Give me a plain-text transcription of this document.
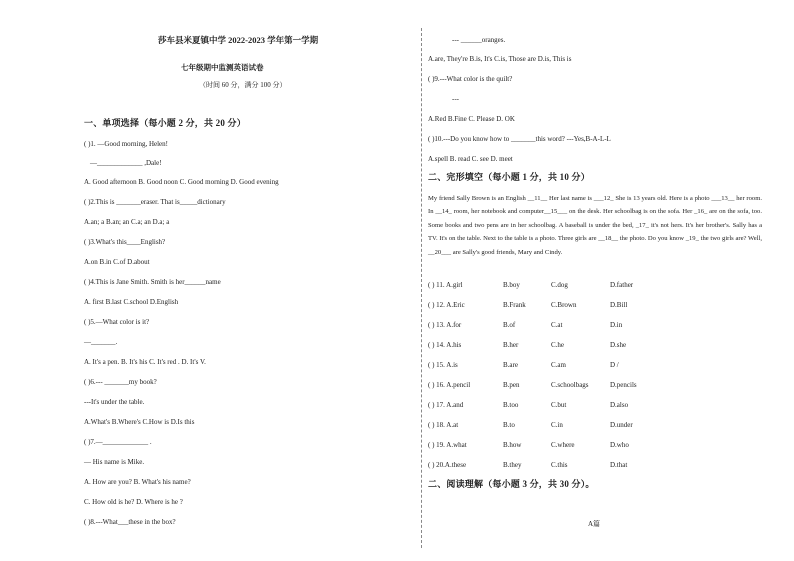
莎车县米夏镇中学 2022-2023 学年第一学期
七年级期中监测英语试卷
（时间 60 分，满分 100 分）
一、单项选择（每小题 2 分，共 20 分）
( )1. —Good morning, Helen!
—_____________ ,Dale!
A. Good afternoon B. Good noon C. Good morning D. Good evening
( )2.This is _______eraser. That is_____dictionary
A.an; a B.an; an C.a; an D.a; a
( )3.What's this____English?
A.on B.in C.of D.about
( )4.This is Jane Smith. Smith is her______name
A. first B.last C.school D.English
( )5.—What color is it?
—_______.
A. It's a pen. B. It's his C. It's red . D. It's V.
( )6.--- _______my book?
---It's under the table.
A.What's B.Where's C.How is D.Is this
( )7.—_____________ .
— His name is Mike.
A. How are you? B. What's his name?
C. How old is he? D. Where is he ?
( )8.---What___these in the box?
--- ______oranges.
A.are, They're B.is, It's C.is, Those are D.is, This is
( )9.---What color is the quilt?
---
A.Red B.Fine C. Please D. OK
( )10.---Do you know how to _______this word? ---Yes,B-A-L-L
A.spell B. read C. see D. meet
二、完形填空（每小题 1 分，共 10 分）
My friend Sally Brown is an English __11__ Her last name is ___12_ She is 13 years old. Here is a photo ___13__ her room. In __14_ room, her notebook and computer__15___ on the desk. Her schoolbag is on the sofa. Her _16_ are on the sofa, too. Some books and two pens are in her schoolbag. A baseball is under the bed, _17_ it's not hers. It's her brother's. Sally has a TV. It's on the table. Next to the table is a photo. Three girls are __18__ the photo. Do you know _19_ the two girls are? Well, __20___ are Sally's good friends, Mary and Cindy.
( ) 11. A.girl	B.boy	C.dog	D.father
( ) 12. A.Eric	B.Frank	C.Brown	D.Bill
( ) 13. A.for	B.of	C.at	D.in
( ) 14. A.his	B.her	C.he	D.she
( ) 15. A.is	B.are	C.am	D /
( ) 16. A.pencil	B.pen	C.schoolbags	D.pencils
( ) 17. A.and	B.too	C.but	D.also
( ) 18. A.at	B.to	C.in	D.under
( ) 19. A.what	B.how	C.where	D.who
( ) 20.A.these	B.they	C.this	D.that
二、阅读理解（每小题 3 分，共 30 分）。
A篇
